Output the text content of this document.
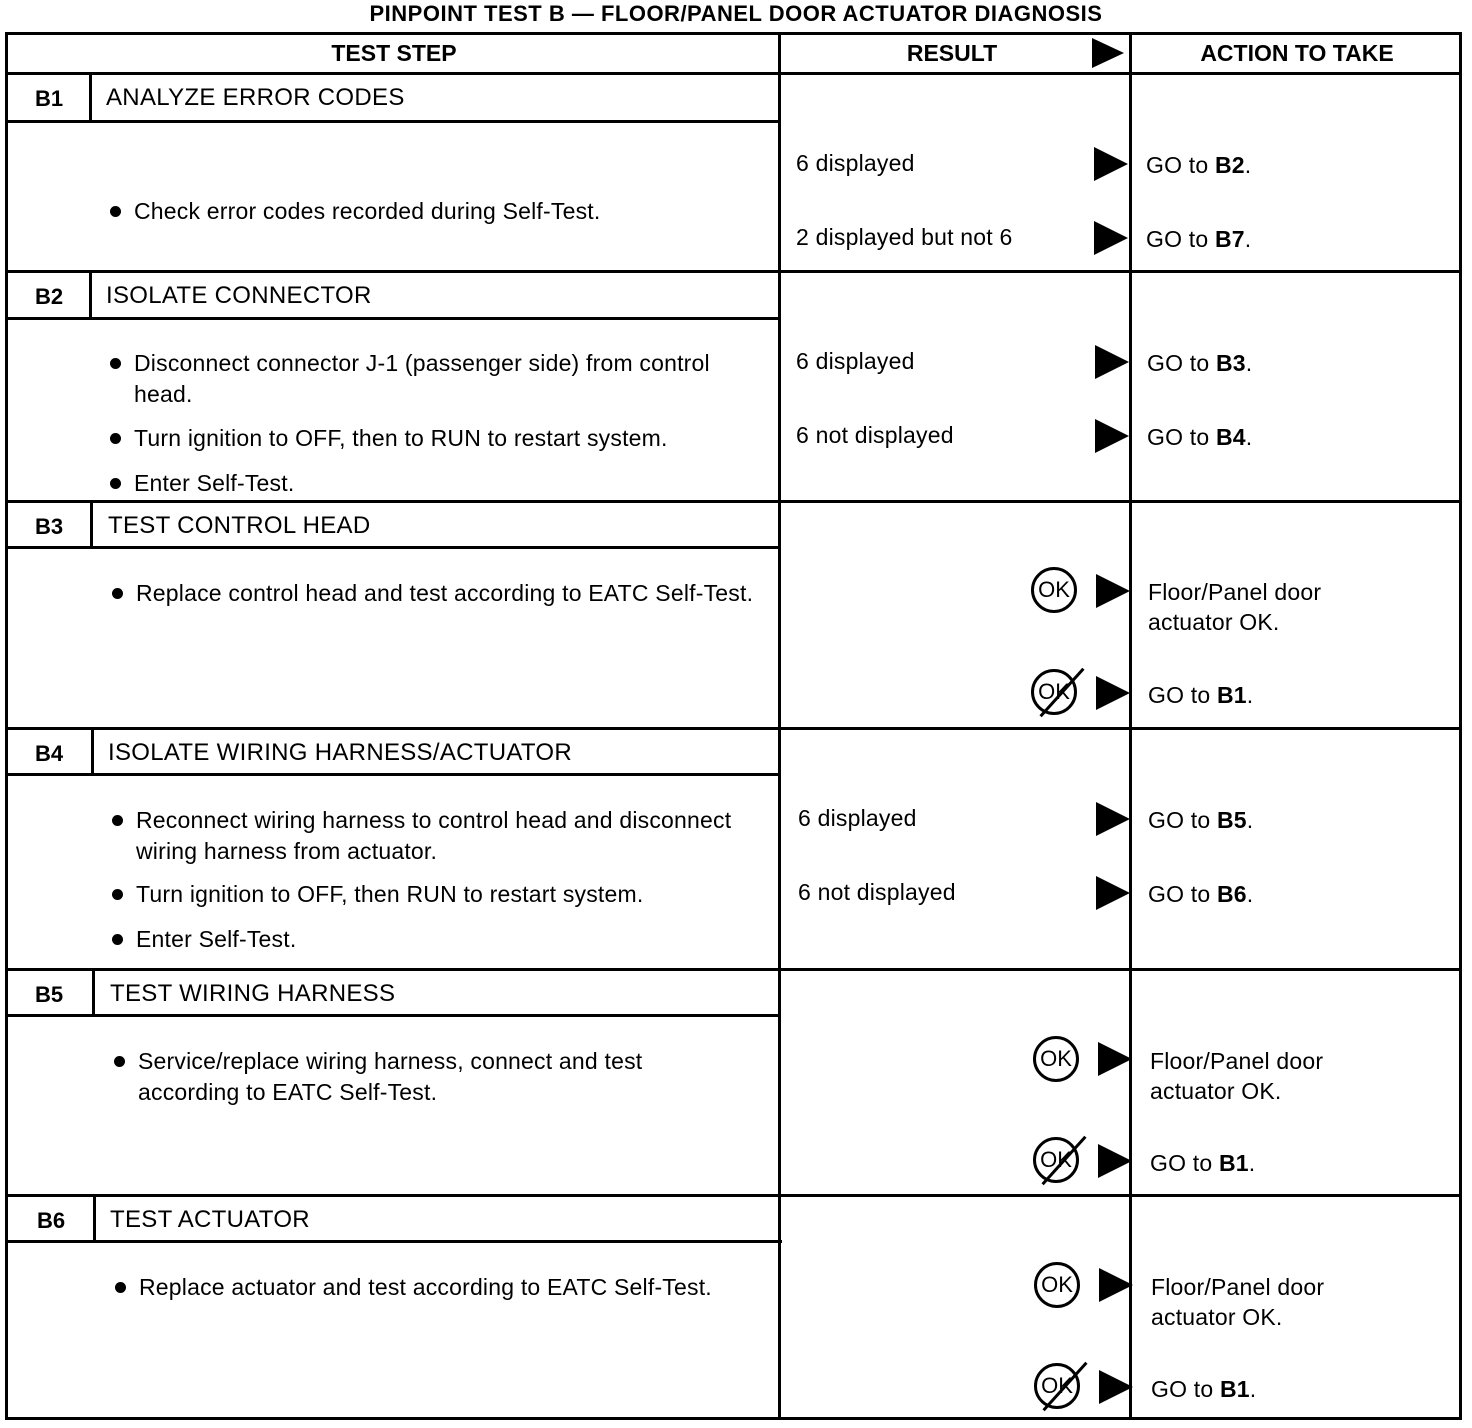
PINPOINT TEST B — FLOOR/PANEL DOOR ACTUATOR DIAGNOSIS
TEST STEP	RESULT	ACTION TO TAKE
B1	ANALYZE ERROR CODES
Check error codes recorded during Self-Test.
6 displayed	GO to B2.
2 displayed but not 6	GO to B7.
B2	ISOLATE CONNECTOR
Disconnect connector J-1 (passenger side) from control head.
Turn ignition to OFF, then to RUN to restart system.
Enter Self-Test.
6 displayed	GO to B3.
6 not displayed	GO to B4.
B3	TEST CONTROL HEAD
Replace control head and test according to EATC Self-Test.	OK	Floor/Panel door
actuator OK.
OK	GO to B1.
B4	ISOLATE WIRING HARNESS/ACTUATOR
Reconnect wiring harness to control head and disconnect wiring harness from actuator.
Turn ignition to OFF, then RUN to restart system.
Enter Self-Test.
6 displayed	GO to B5.
6 not displayed	GO to B6.
B5	TEST WIRING HARNESS
Service/replace wiring harness, connect and test according to EATC Self-Test.
OK	Floor/Panel door
actuator OK.
OK	GO to B1.
B6	TEST ACTUATOR
Replace actuator and test according to EATC Self-Test.	OK	Floor/Panel door
actuator OK.
OK	GO to B1.
